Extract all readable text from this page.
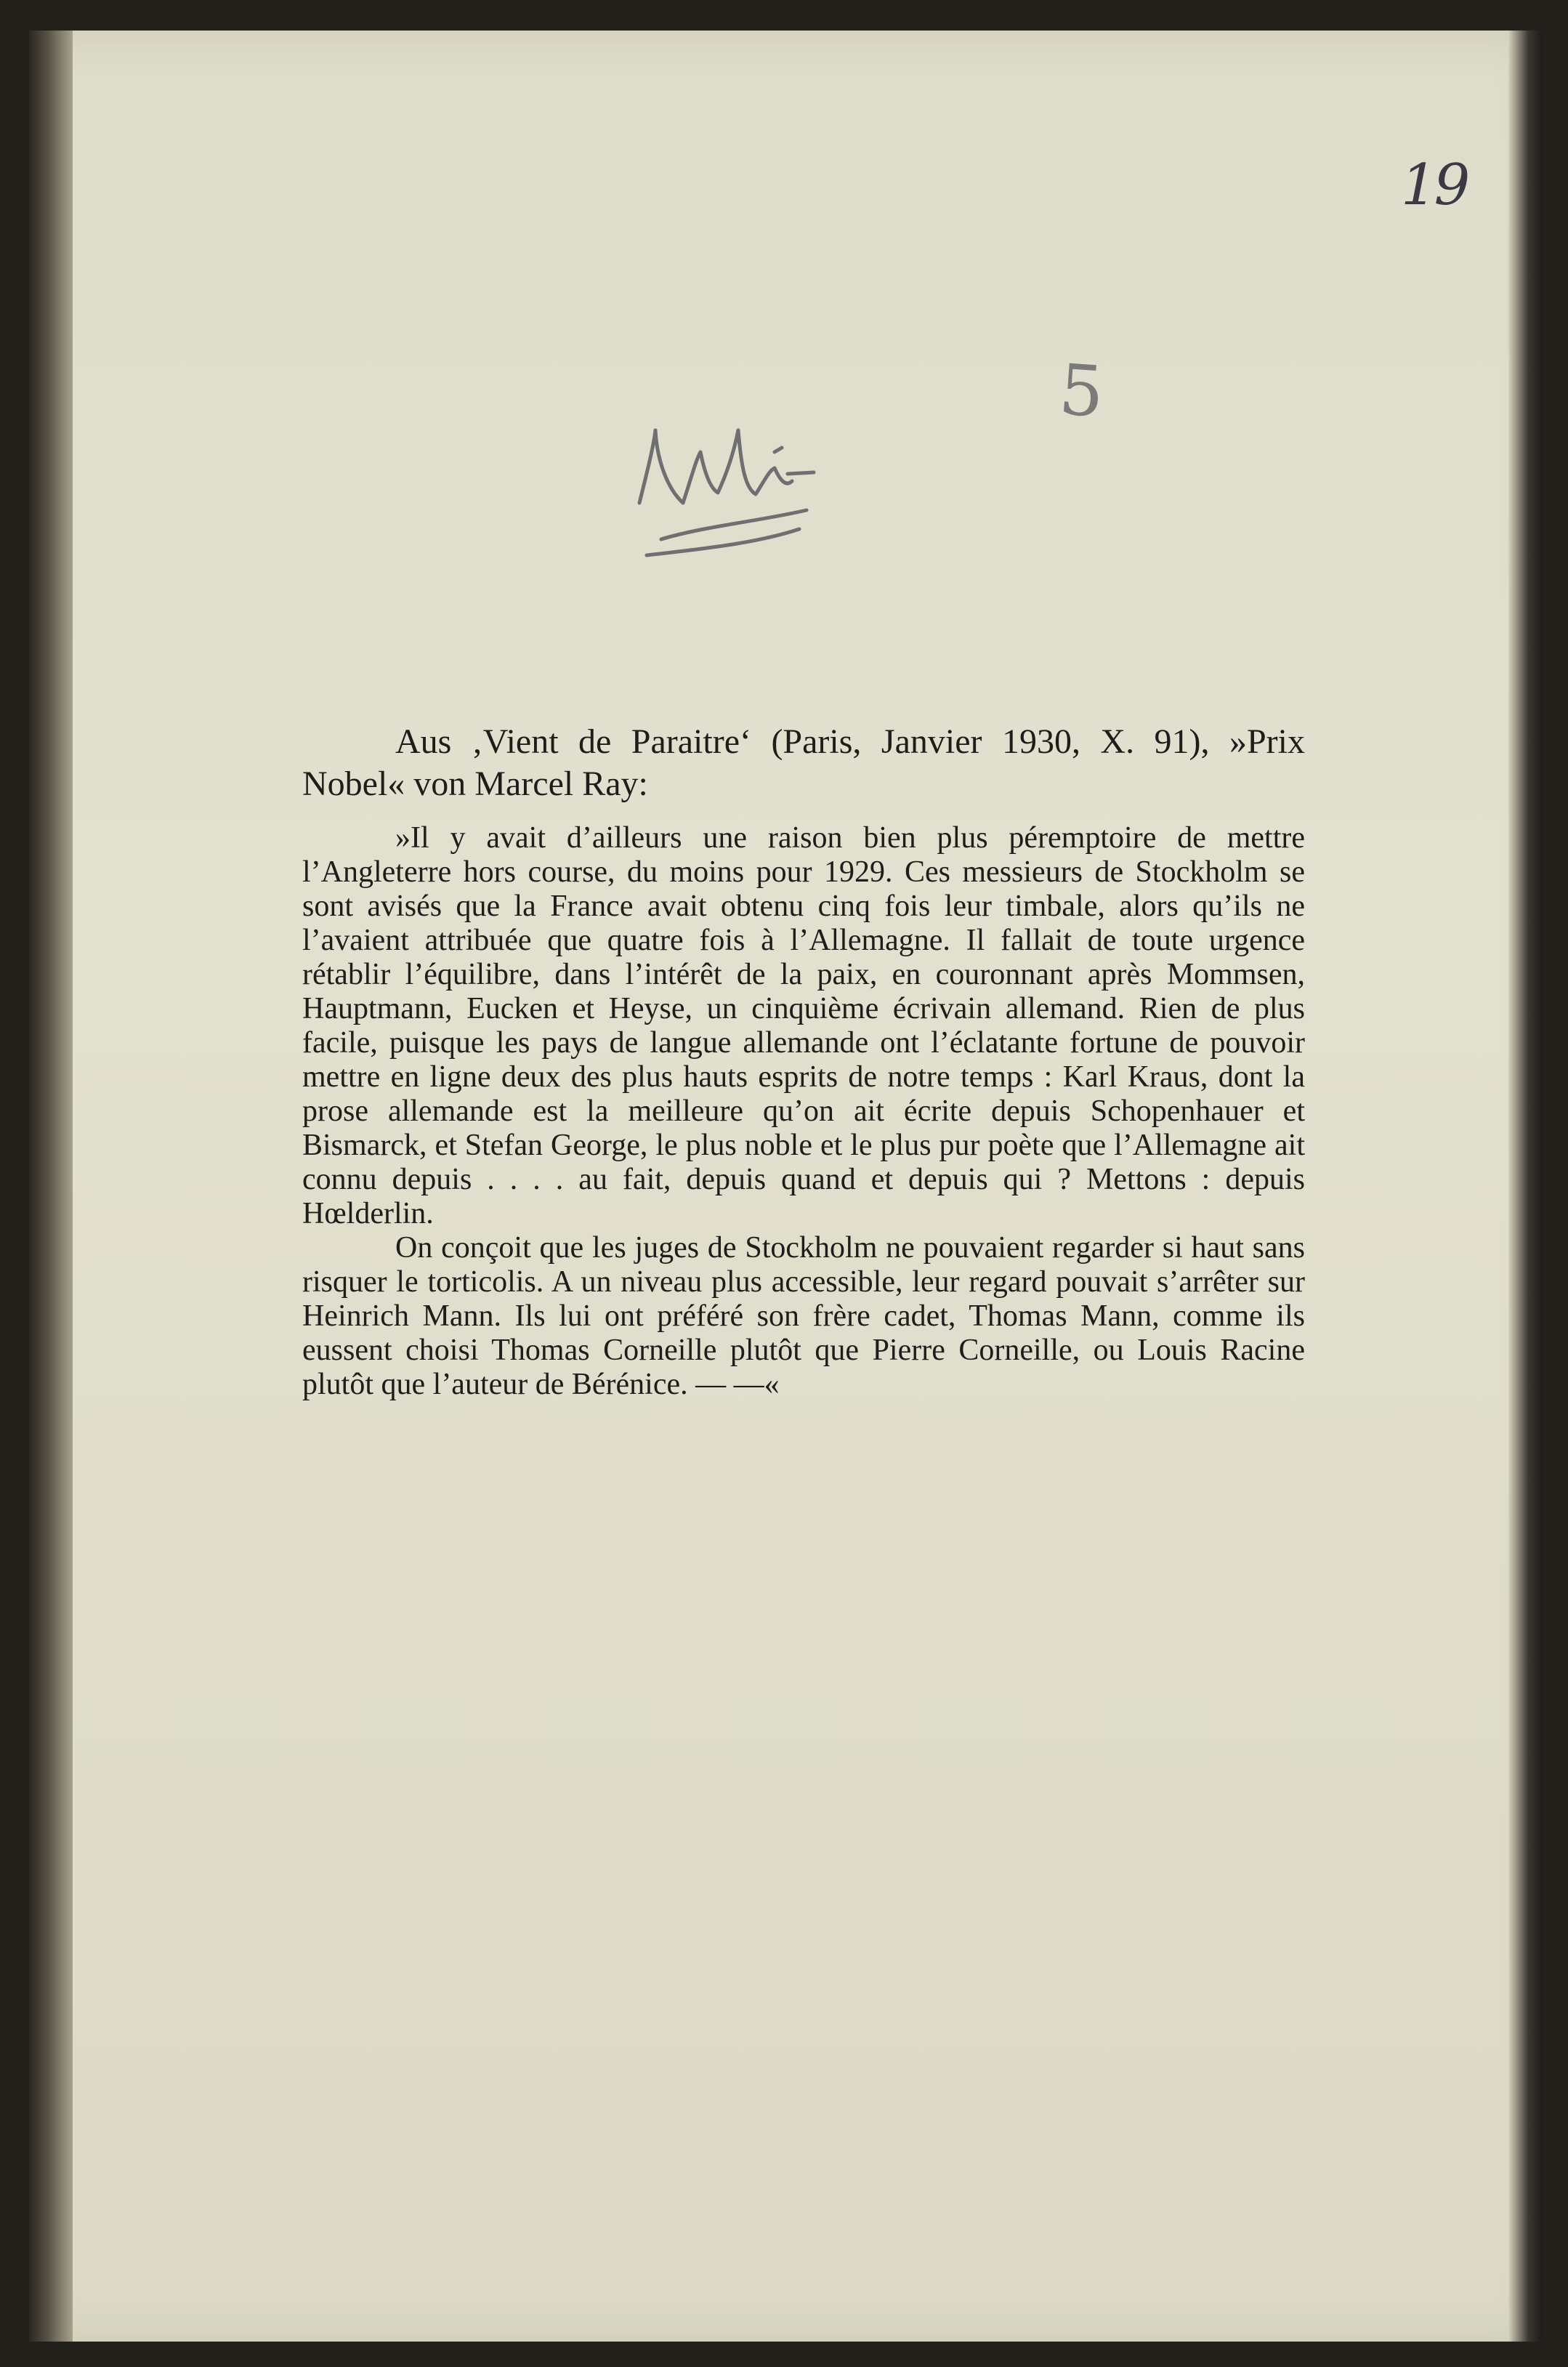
19
5

Aus ‚Vient de Paraitre‘ (Paris, Janvier 1930, X. 91), »Prix Nobel« von Marcel Ray:

»Il y avait d’ailleurs une raison bien plus péremptoire de mettre l’Angleterre hors course, du moins pour 1929. Ces messieurs de Stockholm se sont avisés que la France avait obtenu cinq fois leur timbale, alors qu’ils ne l’avaient attribuée que quatre fois à l’Allemagne. Il fallait de toute urgence rétablir l’équilibre, dans l’intérêt de la paix, en couronnant après Mommsen, Hauptmann, Eucken et Heyse, un cinquième écrivain allemand. Rien de plus facile, puisque les pays de langue allemande ont l’éclatante fortune de pouvoir mettre en ligne deux des plus hauts esprits de notre temps : Karl Kraus, dont la prose allemande est la meilleure qu’on ait écrite depuis Schopenhauer et Bismarck, et Stefan George, le plus noble et le plus pur poète que l’Allemagne ait connu depuis . . . . au fait, depuis quand et depuis qui ? Mettons : depuis Hœlderlin.

On conçoit que les juges de Stockholm ne pouvaient regarder si haut sans risquer le torticolis. A un niveau plus accessible, leur regard pouvait s’arrêter sur Heinrich Mann. Ils lui ont préféré son frère cadet, Thomas Mann, comme ils eussent choisi Thomas Corneille plutôt que Pierre Corneille, ou Louis Racine plutôt que l’auteur de Bérénice. — —«
